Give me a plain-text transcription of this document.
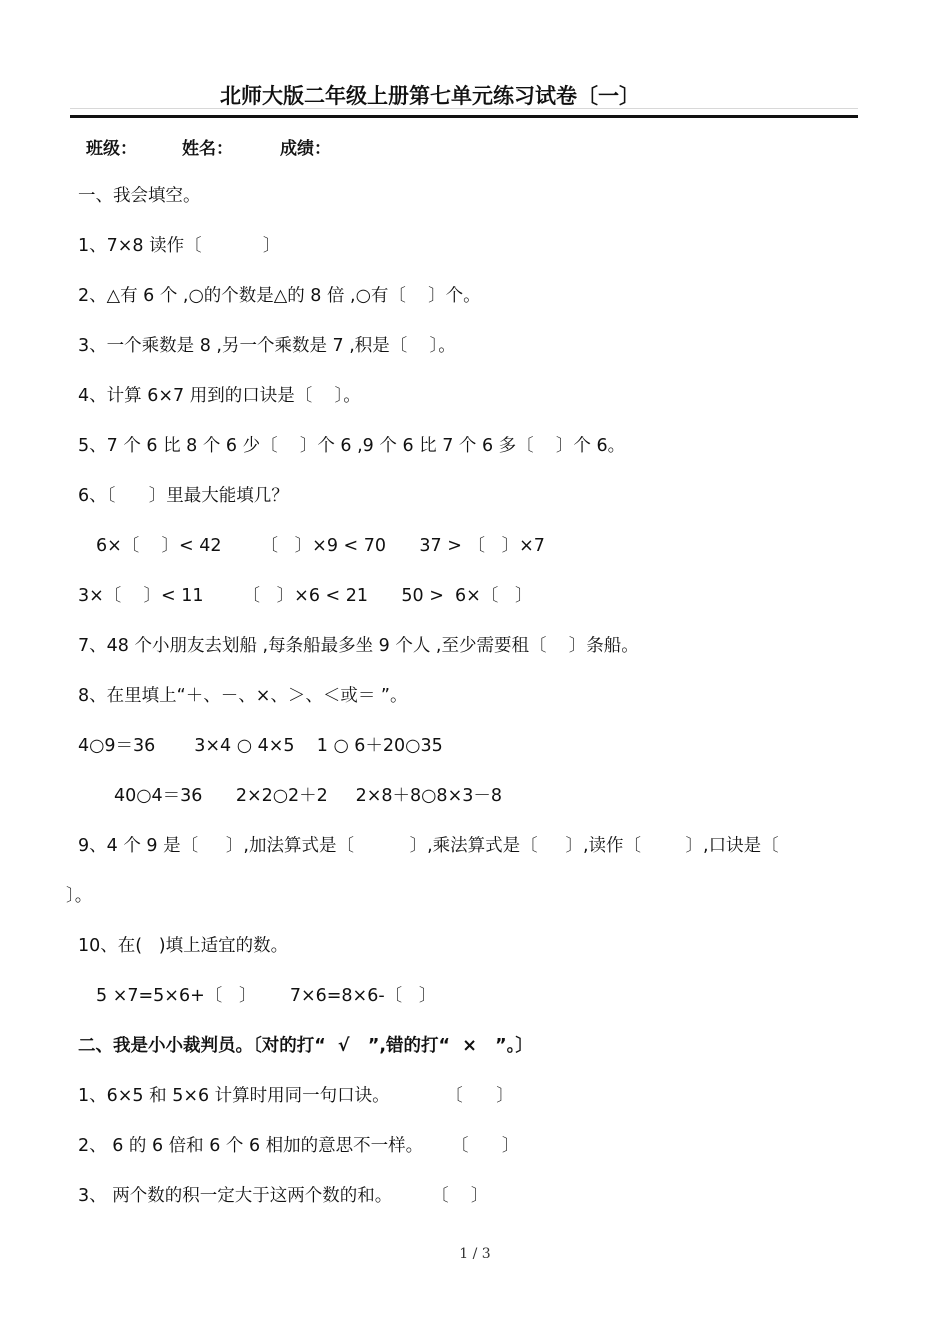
北师大版二年级上册第七单元练习试卷〔一〕
班级：	姓名：	成绩：
一、我会填空。
1、7×8 读作〔           〕
2、△有 6 个 ,○的个数是△的 8 倍 ,○有〔    〕个。
3、一个乘数是 8 ,另一个乘数是 7 ,积是〔    〕。
4、计算 6×7 用到的口诀是〔    〕。
5、7 个 6 比 8 个 6 少〔    〕个 6 ,9 个 6 比 7 个 6 多〔    〕个 6。
6、〔      〕里最大能填几？
6×〔    〕< 42       〔   〕×9 < 70      37 > 〔   〕×7
3×〔    〕< 11       〔   〕×6 < 21      50 >  6×〔   〕
7、48 个小朋友去划船 ,每条船最多坐 9 个人 ,至少需要租〔    〕条船。
8、在里填上“＋、－、×、＞、＜或＝ ”。
4○9＝36       3×4 ○ 4×5    1 ○ 6＋20○35
40○4＝36      2×2○2＋2     2×8＋8○8×3－8
9、4 个 9 是〔     〕,加法算式是〔          〕,乘法算式是〔     〕,读作〔        〕,口诀是〔
〕。
10、在(   )填上适宜的数。
5 ×7=5×6+〔   〕      7×6=8×6-〔   〕
二、我是小小裁判员。〔对的打“  √   ”,错的打“  ×   ”。〕
1、6×5 和 5×6 计算时用同一句口诀。          〔      〕
2、 6 的 6 倍和 6 个 6 相加的意思不一样。     〔      〕
3、 两个数的积一定大于这两个数的和。       〔    〕
1 / 3
